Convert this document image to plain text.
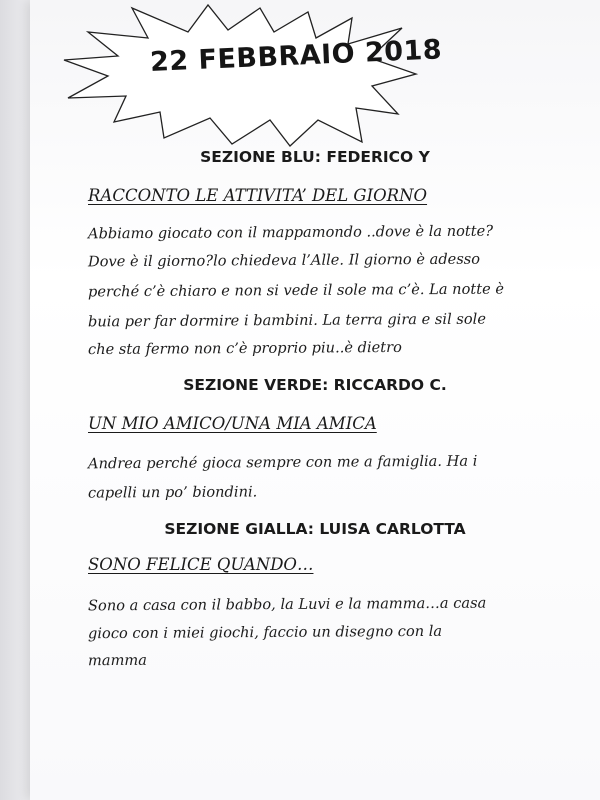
22 FEBBRAIO 2018
SEZIONE BLU: FEDERICO Y
RACCONTO LE ATTIVITA’ DEL GIORNO
Abbiamo giocato con il mappamondo ..dove è la notte?
Dove è il giorno?lo chiedeva l’Alle. Il giorno è adesso
perché c’è chiaro e non si vede il sole ma c’è. La notte è
buia per far dormire i bambini. La terra gira e sil sole
che sta fermo non c’è proprio piu..è dietro
SEZIONE VERDE: RICCARDO C.
UN MIO AMICO/UNA MIA AMICA
Andrea perché gioca sempre con me a famiglia. Ha i
capelli un po’ biondini.
SEZIONE GIALLA: LUISA CARLOTTA
SONO FELICE QUANDO…
Sono a casa con il babbo, la Luvi e la mamma…a casa
gioco con i miei giochi, faccio un disegno con la
mamma
